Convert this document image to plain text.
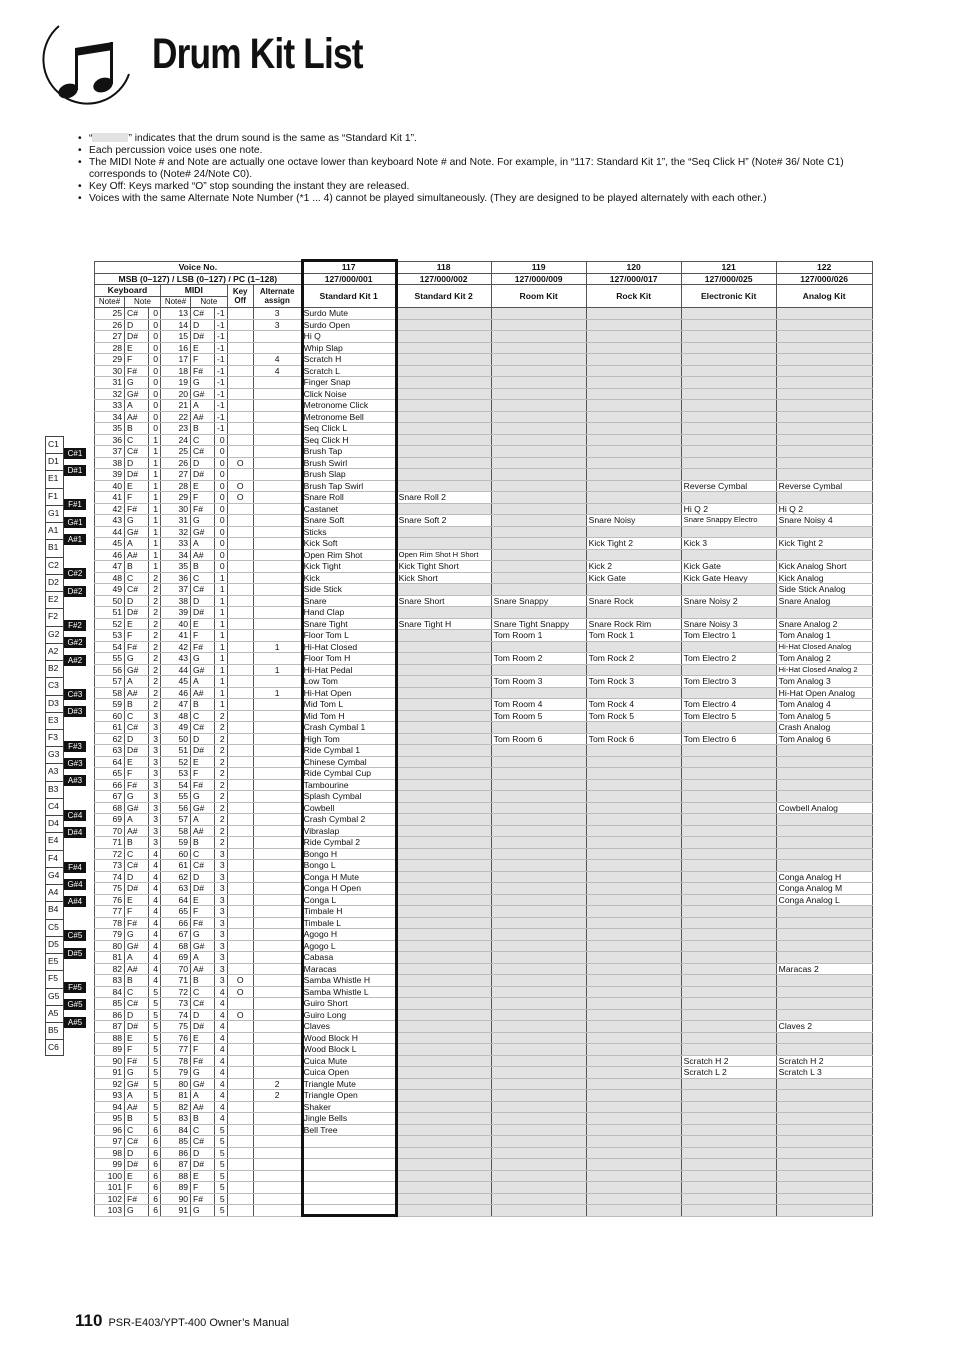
Drum Kit List
• “	” indicates that the drum sound is the same as “Standard Kit 1”.
• Each percussion voice uses one note.
• The MIDI Note # and Note are actually one octave lower than keyboard Note # and Note. For example, in “117: Standard Kit 1”, the “Seq Click H” (Note# 36/ Note C1) corresponds to (Note# 24/Note C0).
• Key Off: Keys marked “O” stop sounding the instant they are released.
• Voices with the same Alternate Note Number (*1 ... 4) cannot be played simultaneously. (They are designed to be played alternately with each other.)
C1
D1
E1
F1
G1
A1
B1
C2
D2
E2
F2
G2
A2
B2
C3
D3
E3
F3
G3
A3
B3
C4
D4
E4
F4
G4
A4
B4
C5
D5
E5
F5
G5
A5
B5
C6
Voice No.								117	118	119	120	121	122
MSB (0–127) / LSB (0–127) / PC (1–128)								127/000/001	127/000/002	127/000/009	127/000/017	127/000/025	127/000/026
Keyboard			MIDI			Key Off	Alternate assign	Standard Kit 1	Standard Kit 2	Room Kit	Rock Kit	Electronic Kit	Analog Kit
Note#	Note		Note#	Note									
25	C#	0	13	C#	-1		3	Surdo Mute					
26	D	0	14	D	-1		3	Surdo Open					
27	D#	0	15	D#	-1			Hi Q					
28	E	0	16	E	-1			Whip Slap					
29	F	0	17	F	-1		4	Scratch H					
30	F#	0	18	F#	-1		4	Scratch L					
31	G	0	19	G	-1			Finger Snap					
32	G#	0	20	G#	-1			Click Noise					
33	A	0	21	A	-1			Metronome Click					
34	A#	0	22	A#	-1			Metronome Bell					
35	B	0	23	B	-1			Seq Click L					
36	C	1	24	C	0			Seq Click H					
37	C#	1	25	C#	0			Brush Tap					
38	D	1	26	D	0	O		Brush Swirl					
39	D#	1	27	D#	0			Brush Slap					
40	E	1	28	E	0	O		Brush Tap Swirl				Reverse Cymbal	Reverse Cymbal
41	F	1	29	F	0	O		Snare Roll	Snare Roll 2				
42	F#	1	30	F#	0			Castanet				Hi Q 2	Hi Q 2
43	G	1	31	G	0			Snare Soft	Snare Soft 2		Snare Noisy	Snare Snappy Electro	Snare Noisy 4
44	G#	1	32	G#	0			Sticks					
45	A	1	33	A	0			Kick Soft			Kick Tight 2	Kick 3	Kick Tight 2
46	A#	1	34	A#	0			Open Rim Shot	Open Rim Shot H Short				
47	B	1	35	B	0			Kick Tight	Kick Tight Short		Kick 2	Kick Gate	Kick Analog Short
48	C	2	36	C	1			Kick	Kick Short		Kick Gate	Kick Gate Heavy	Kick Analog
49	C#	2	37	C#	1			Side Stick					Side Stick Analog
50	D	2	38	D	1			Snare	Snare Short	Snare Snappy	Snare Rock	Snare Noisy 2	Snare Analog
51	D#	2	39	D#	1			Hand Clap					
52	E	2	40	E	1			Snare Tight	Snare Tight H	Snare Tight Snappy	Snare Rock Rim	Snare Noisy 3	Snare Analog 2
53	F	2	41	F	1			Floor Tom L		Tom Room 1	Tom Rock 1	Tom Electro 1	Tom Analog 1
54	F#	2	42	F#	1		1	Hi-Hat Closed					Hi-Hat Closed Analog
55	G	2	43	G	1			Floor Tom H		Tom Room 2	Tom Rock 2	Tom Electro 2	Tom Analog 2
56	G#	2	44	G#	1		1	Hi-Hat Pedal					Hi-Hat Closed Analog 2
57	A	2	45	A	1			Low Tom		Tom Room 3	Tom Rock 3	Tom Electro 3	Tom Analog 3
58	A#	2	46	A#	1		1	Hi-Hat Open					Hi-Hat Open Analog
59	B	2	47	B	1			Mid Tom L		Tom Room 4	Tom Rock 4	Tom Electro 4	Tom Analog 4
60	C	3	48	C	2			Mid Tom H		Tom Room 5	Tom Rock 5	Tom Electro 5	Tom Analog 5
61	C#	3	49	C#	2			Crash Cymbal 1					Crash Analog
62	D	3	50	D	2			High Tom		Tom Room 6	Tom Rock 6	Tom Electro 6	Tom Analog 6
63	D#	3	51	D#	2			Ride Cymbal 1					
64	E	3	52	E	2			Chinese Cymbal					
65	F	3	53	F	2			Ride Cymbal Cup					
66	F#	3	54	F#	2			Tambourine					
67	G	3	55	G	2			Splash Cymbal					
68	G#	3	56	G#	2			Cowbell					Cowbell Analog
69	A	3	57	A	2			Crash Cymbal 2					
70	A#	3	58	A#	2			Vibraslap					
71	B	3	59	B	2			Ride Cymbal 2					
72	C	4	60	C	3			Bongo H					
73	C#	4	61	C#	3			Bongo L					
74	D	4	62	D	3			Conga H Mute					Conga Analog H
75	D#	4	63	D#	3			Conga H Open					Conga Analog M
76	E	4	64	E	3			Conga L					Conga Analog L
77	F	4	65	F	3			Timbale H					
78	F#	4	66	F#	3			Timbale L					
79	G	4	67	G	3			Agogo H					
80	G#	4	68	G#	3			Agogo L					
81	A	4	69	A	3			Cabasa					
82	A#	4	70	A#	3			Maracas					Maracas 2
83	B	4	71	B	3	O		Samba Whistle H					
84	C	5	72	C	4	O		Samba Whistle L					
85	C#	5	73	C#	4			Guiro Short					
86	D	5	74	D	4	O		Guiro Long					
87	D#	5	75	D#	4			Claves					Claves 2
88	E	5	76	E	4			Wood Block H					
89	F	5	77	F	4			Wood Block L					
90	F#	5	78	F#	4			Cuica Mute				Scratch H 2	Scratch H 2
91	G	5	79	G	4			Cuica Open				Scratch L 2	Scratch L 3
92	G#	5	80	G#	4		2	Triangle Mute					
93	A	5	81	A	4		2	Triangle Open					
94	A#	5	82	A#	4			Shaker					
95	B	5	83	B	4			Jingle Bells					
96	C	6	84	C	5			Bell Tree					
97	C#	6	85	C#	5								
98	D	6	86	D	5								
99	D#	6	87	D#	5								
100	E	6	88	E	5								
101	F	6	89	F	5								
102	F#	6	90	F#	5								
103	G	6	91	G	5								
110 PSR-E403/YPT-400 Owner’s Manual
C#1
D#1
F#1
G#1
A#1
C#2
D#2
F#2
G#2
A#2
C#3
D#3
F#3
G#3
A#3
C#4
D#4
F#4
G#4
A#4
C#5
D#5
F#5
G#5
A#5
